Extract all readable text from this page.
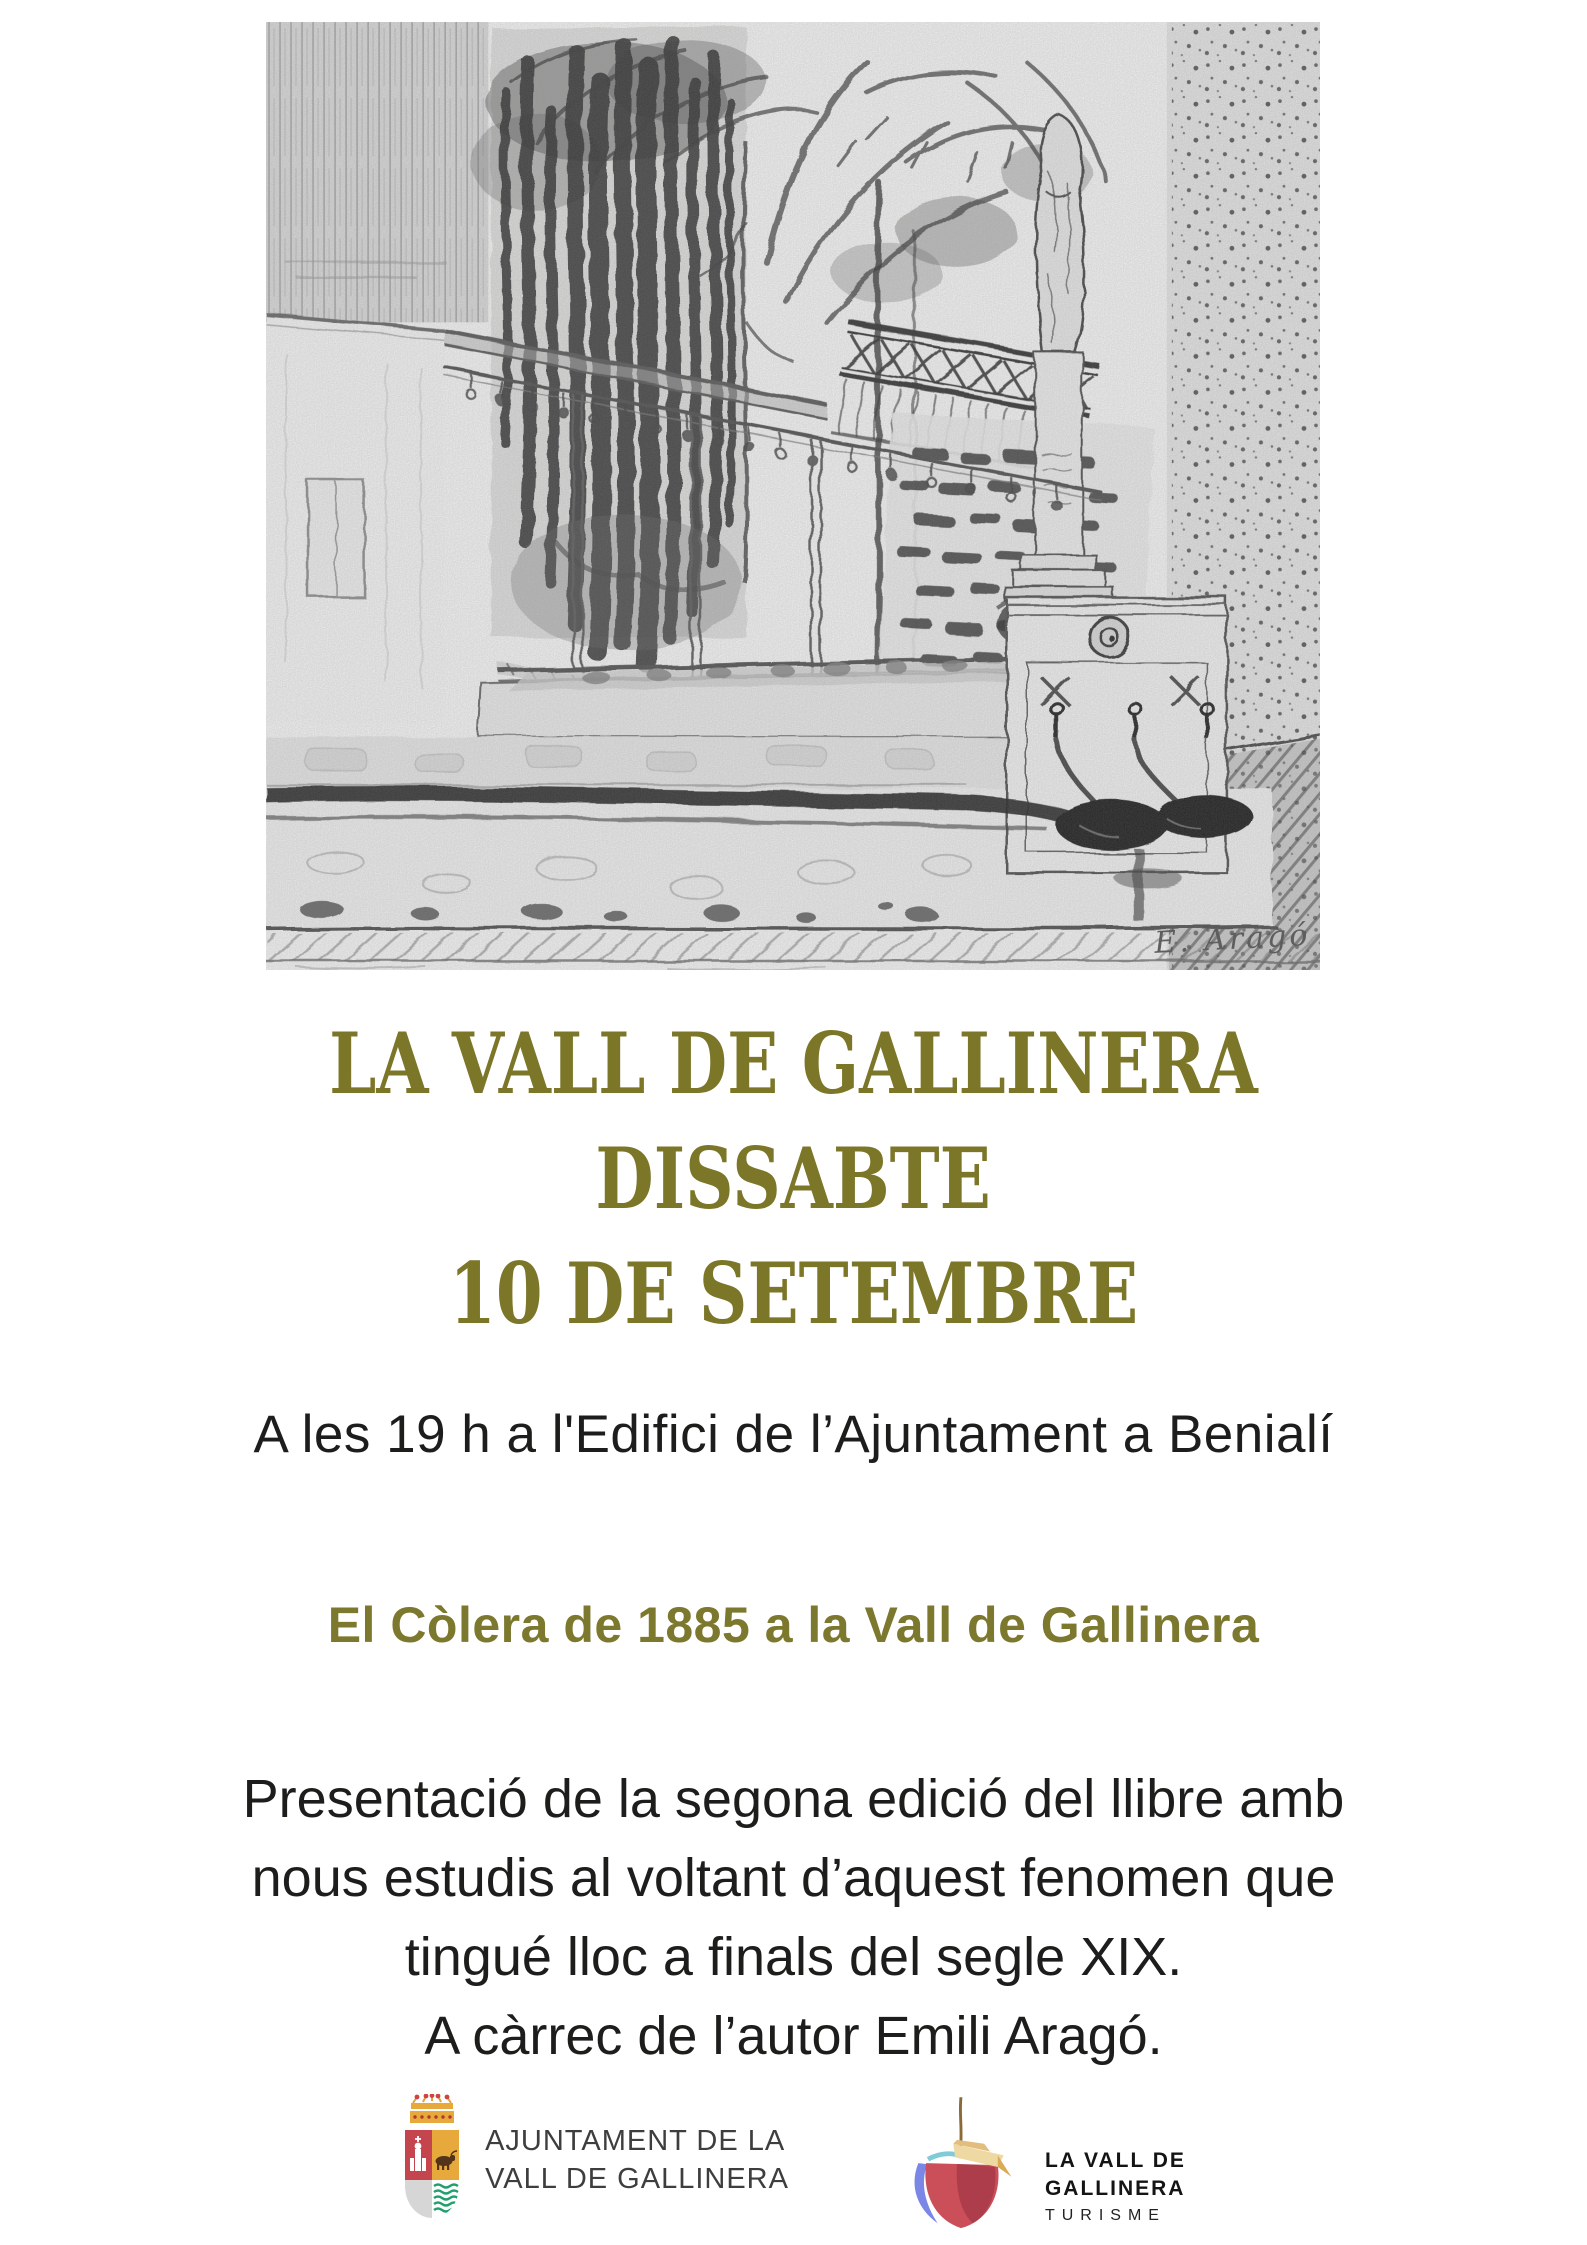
E. Aragó
LA VALL DE GALLINERA
DISSABTE
10 DE SETEMBRE
A les 19 h a l'Edifici de l’Ajuntament a Benialí
El Còlera de 1885 a la Vall de Gallinera
Presentació de la segona edició del llibre amb
nous estudis al voltant d’aquest fenomen que
tingué lloc a finals del segle XIX.
A càrrec de l’autor Emili Aragó.
AJUNTAMENT DE LA
VALL DE GALLINERA
LA VALL DE
GALLINERA
TURISME
